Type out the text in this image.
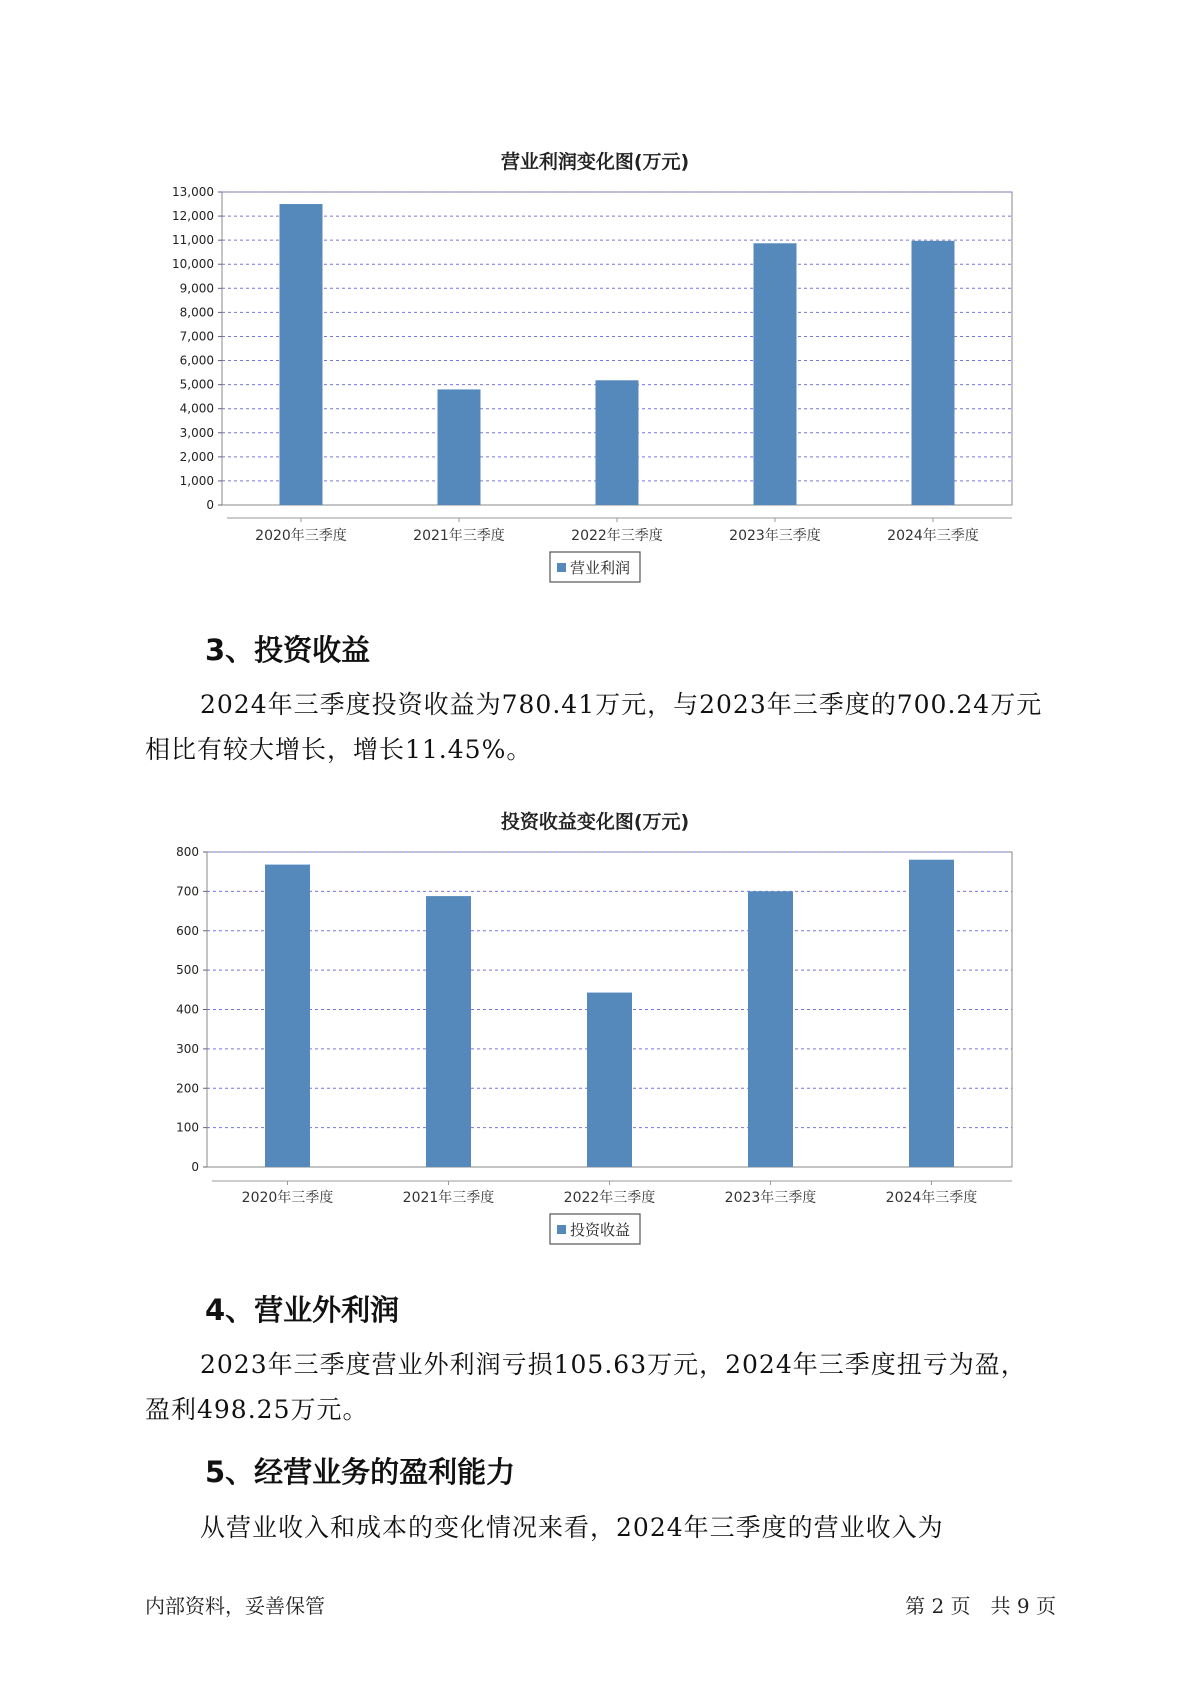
营业利润变化图(万元)
0
1,000
2,000
3,000
4,000
5,000
6,000
7,000
8,000
9,000
10,000
11,000
12,000
13,000
2020年三季度	2021年三季度	2022年三季度	2023年三季度	2024年三季度
营业利润
3、投资收益

2024年三季度投资收益为780.41万元，与2023年三季度的700.24万元
相比有较大增长，增长11.45%。

投资收益变化图(万元)
0
100
200
300
400
500
600
700
800
2020年三季度	2021年三季度	2022年三季度	2023年三季度	2024年三季度
投资收益
4、营业外利润

2023年三季度营业外利润亏损105.63万元，2024年三季度扭亏为盈，
盈利498.25万元。

5、经营业务的盈利能力

从营业收入和成本的变化情况来看，2024年三季度的营业收入为

内部资料，妥善保管	第 2 页　共 9 页
